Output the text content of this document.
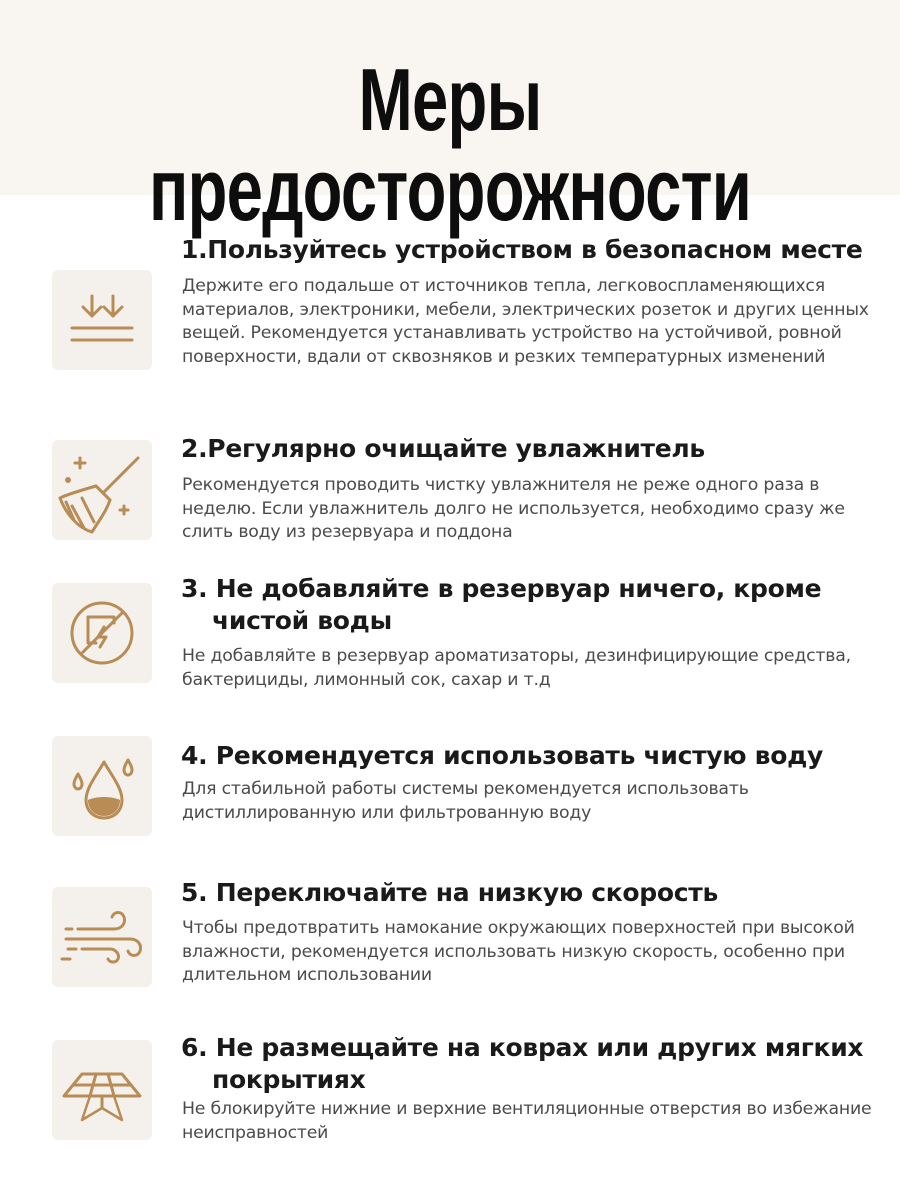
Меры предосторожности
1.Пользуйтесь устройством в безопасном месте

Держите его подальше от источников тепла, легковоспламеняющихся материалов, электроники, мебели, электрических розеток и других ценных вещей. Рекомендуется устанавливать устройство на устойчивой, ровной поверхности, вдали от сквозняков и резких температурных изменений

2.Регулярно очищайте увлажнитель

Рекомендуется проводить чистку увлажнителя не реже одного раза в неделю. Если увлажнитель долго не используется, необходимо сразу же слить воду из резервуара и поддона

3. Не добавляйте в резервуар ничего, кроме
чистой воды

Не добавляйте в резервуар ароматизаторы, дезинфицирующие средства, бактерициды, лимонный сок, сахар и т.д

4. Рекомендуется использовать чистую воду

Для стабильной работы системы рекомендуется использовать дистиллированную или фильтрованную воду

5. Переключайте на низкую скорость

Чтобы предотвратить намокание окружающих поверхностей при высокой влажности, рекомендуется использовать низкую скорость, особенно при длительном использовании

6. Не размещайте на коврах или других мягких
покрытиях

Не блокируйте нижние и верхние вентиляционные отверстия во избежание неисправностей
